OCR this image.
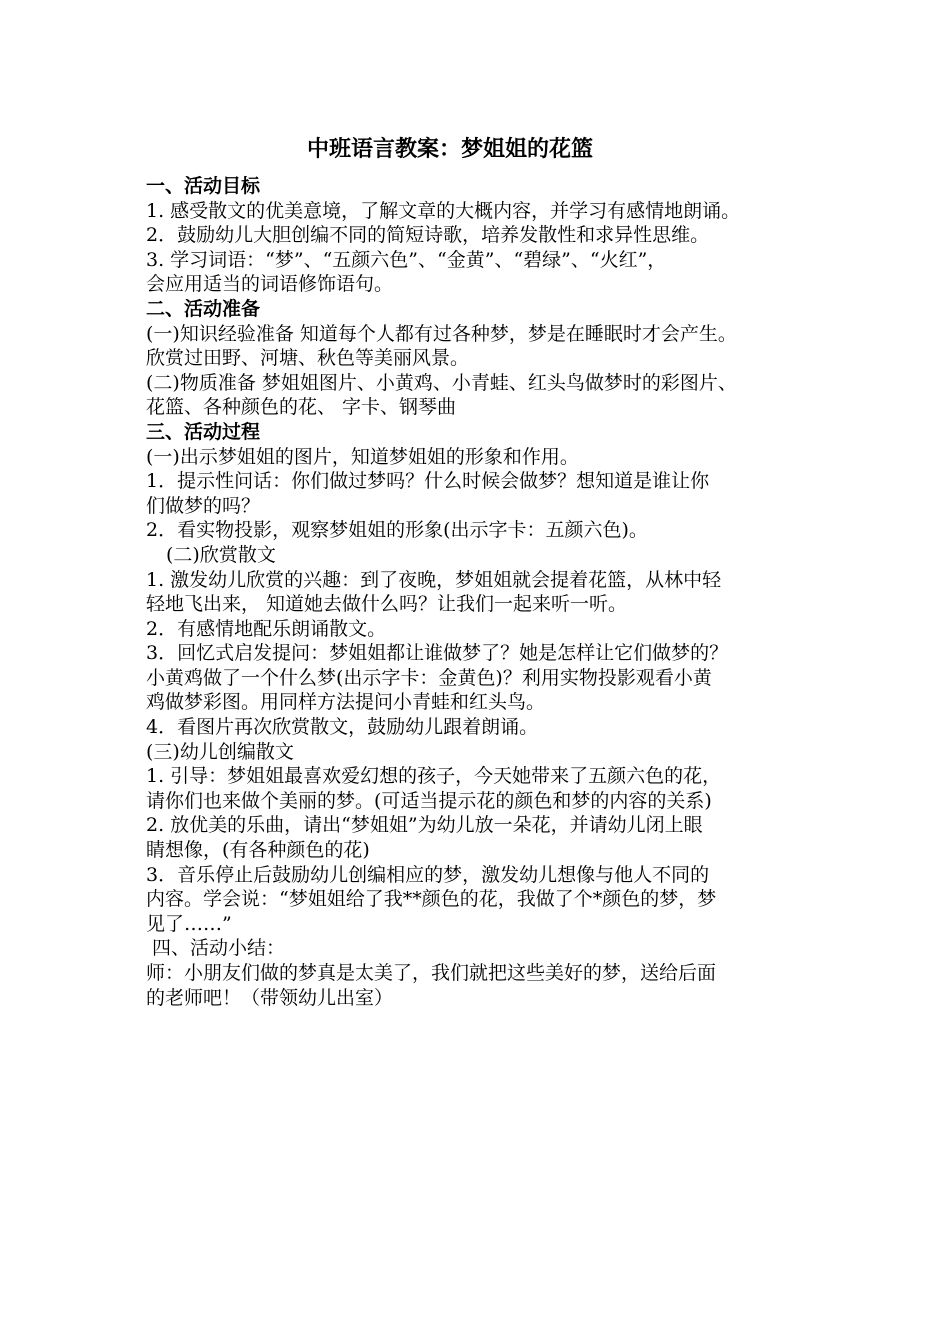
中班语言教案：梦姐姐的花篮
一、活动目标
1. 感受散文的优美意境，了解文章的大概内容，并学习有感情地朗诵。
2．鼓励幼儿大胆创编不同的简短诗歌，培养发散性和求异性思维。
3. 学习词语：“梦”、“五颜六色”、“金黄”、“碧绿”、“火红”，
会应用适当的词语修饰语句。
二、活动准备
(一)知识经验准备 知道每个人都有过各种梦，梦是在睡眠时才会产生。
欣赏过田野、河塘、秋色等美丽风景。
(二)物质准备 梦姐姐图片、小黄鸡、小青蛙、红头鸟做梦时的彩图片、
花篮、各种颜色的花、 字卡、钢琴曲
三、活动过程
(一)出示梦姐姐的图片，知道梦姐姐的形象和作用。
1．提示性问话：你们做过梦吗？什么时候会做梦？想知道是谁让你
们做梦的吗？
2．看实物投影，观察梦姐姐的形象(出示字卡：五颜六色)。
(二)欣赏散文
1. 激发幼儿欣赏的兴趣：到了夜晚，梦姐姐就会提着花篮，从林中轻
轻地飞出来， 知道她去做什么吗？让我们一起来听一听。
2．有感情地配乐朗诵散文。
3．回忆式启发提问：梦姐姐都让谁做梦了？她是怎样让它们做梦的？
小黄鸡做了一个什么梦(出示字卡：金黄色)？利用实物投影观看小黄
鸡做梦彩图。用同样方法提问小青蛙和红头鸟。
4．看图片再次欣赏散文，鼓励幼儿跟着朗诵。
(三)幼儿创编散文
1. 引导：梦姐姐最喜欢爱幻想的孩子，今天她带来了五颜六色的花，
请你们也来做个美丽的梦。(可适当提示花的颜色和梦的内容的关系)
2. 放优美的乐曲，请出“梦姐姐”为幼儿放一朵花，并请幼儿闭上眼
睛想像，(有各种颜色的花)
3．音乐停止后鼓励幼儿创编相应的梦，激发幼儿想像与他人不同的
内容。学会说：“梦姐姐给了我**颜色的花，我做了个*颜色的梦，梦
见了……”
四、活动小结：
师：小朋友们做的梦真是太美了，我们就把这些美好的梦，送给后面
的老师吧！（带领幼儿出室）
